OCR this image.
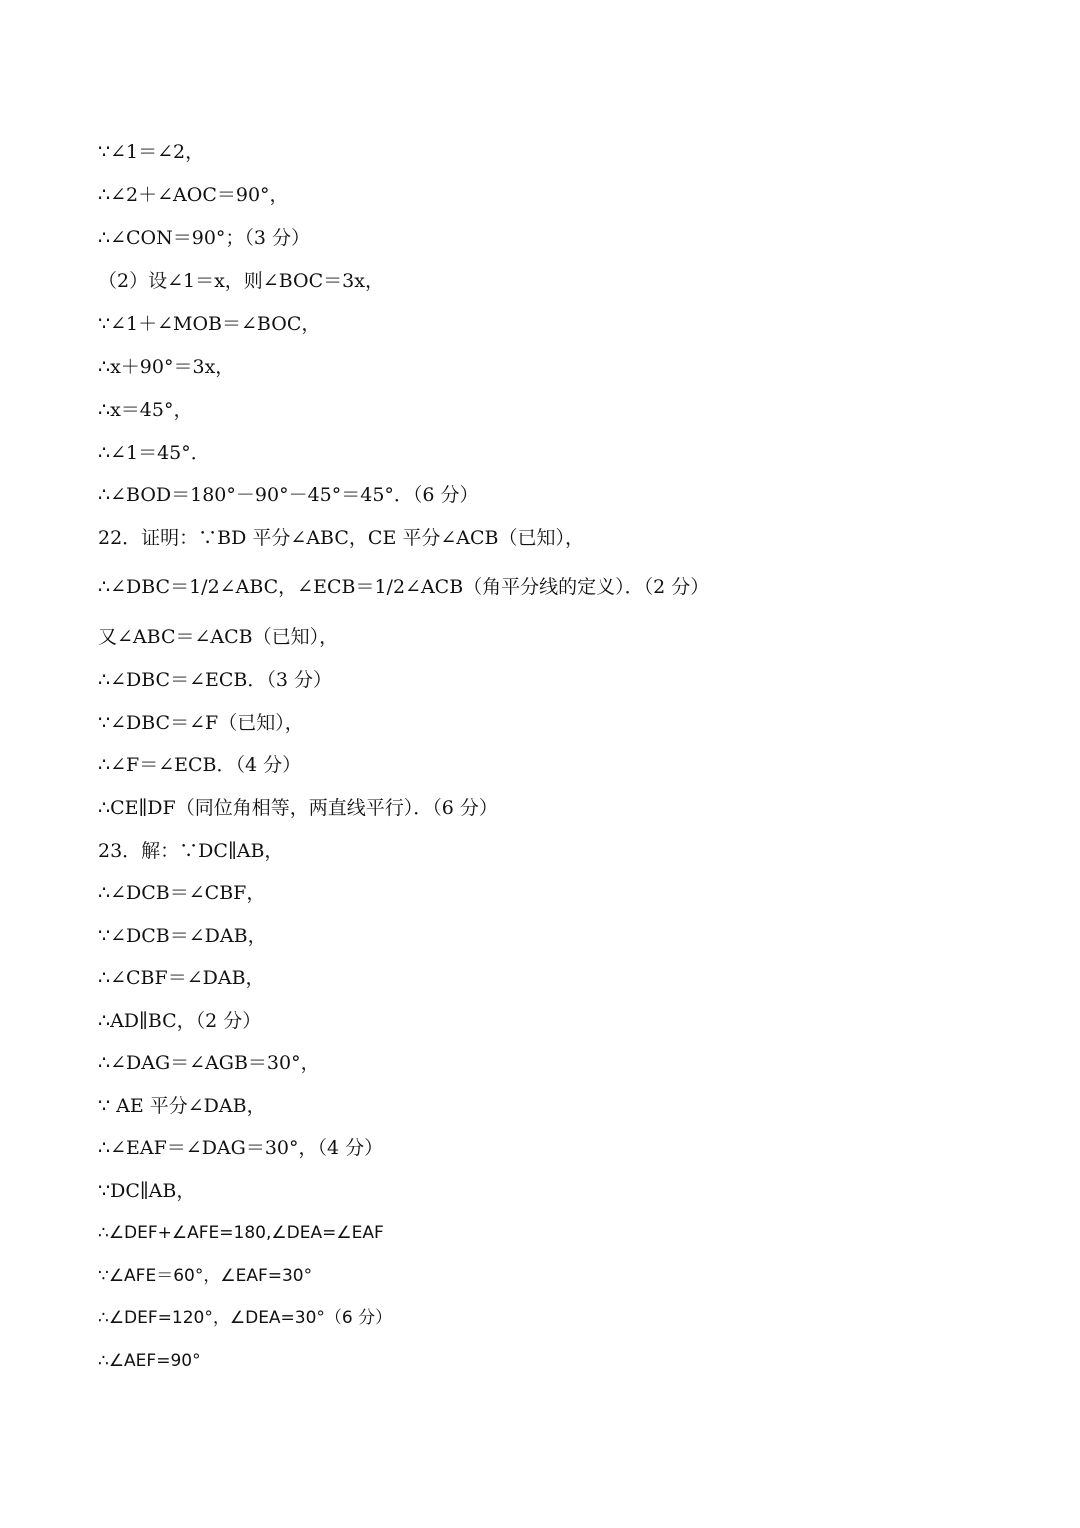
∵∠1＝∠2，
∴∠2＋∠AOC＝90°，
∴∠CON＝90°；（3 分）
（2）设∠1＝x，则∠BOC＝3x，
∵∠1＋∠MOB＝∠BOC，
∴x＋90°＝3x，
∴x＝45°，
∴∠1＝45°．
∴∠BOD＝180°－90°－45°＝45°．（6 分）
22．证明：∵BD 平分∠ABC，CE 平分∠ACB（已知），
∴∠DBC＝1/2∠ABC，∠ECB＝1/2∠ACB（角平分线的定义）．（2 分）
又∠ABC＝∠ACB（已知），
∴∠DBC＝∠ECB．（3 分）
∵∠DBC＝∠F（已知），
∴∠F＝∠ECB．（4 分）
∴CE∥DF（同位角相等，两直线平行）．（6 分）
23．解：∵DC∥AB，
∴∠DCB＝∠CBF，
∵∠DCB＝∠DAB，
∴∠CBF＝∠DAB，
∴AD∥BC，（2 分）
∴∠DAG＝∠AGB＝30°，
∵ AE 平分∠DAB，
∴∠EAF＝∠DAG＝30°，（4 分）
∵DC∥AB，
∴∠DEF+∠AFE=180,∠DEA=∠EAF
∵∠AFE＝60°，∠EAF=30°
∴∠DEF=120°，∠DEA=30°（6 分）
∴∠AEF=90°
